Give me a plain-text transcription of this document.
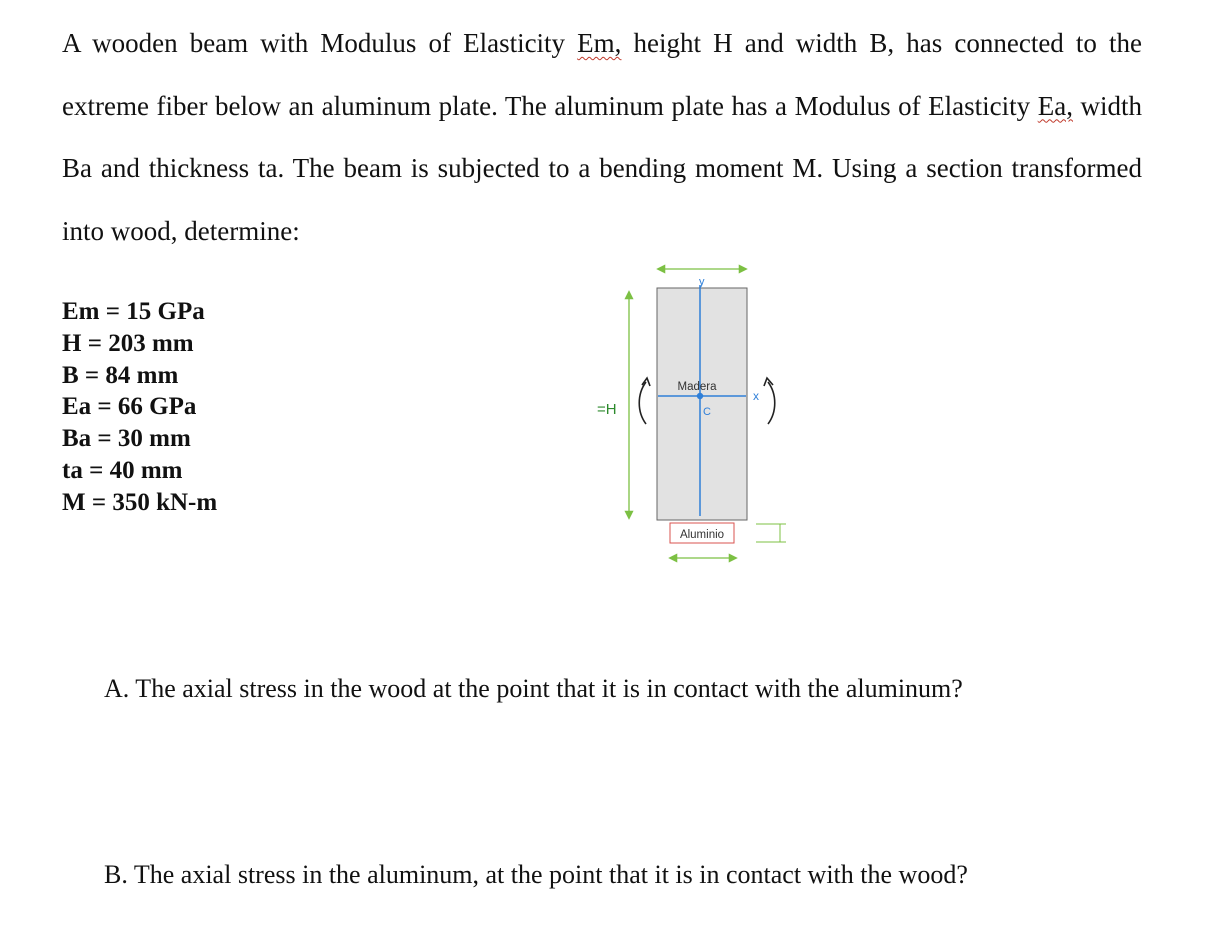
A wooden beam with Modulus of Elasticity Em, height H and width B, has connected to the
extreme fiber below an aluminum plate. The aluminum plate has a Modulus of Elasticity Ea, width
Ba and thickness ta. The beam is subjected to a bending moment M. Using a section transformed
into wood, determine:
Em = 15 GPa
H = 203 mm
B = 84 mm
Ea = 66 GPa
Ba = 30 mm
ta = 40 mm
M = 350 kN-m
=H
Aluminio
y
x
C
Madera

A. The axial stress in the wood at the point that it is in contact with the aluminum?

B. The axial stress in the aluminum, at the point that it is in contact with the wood?
